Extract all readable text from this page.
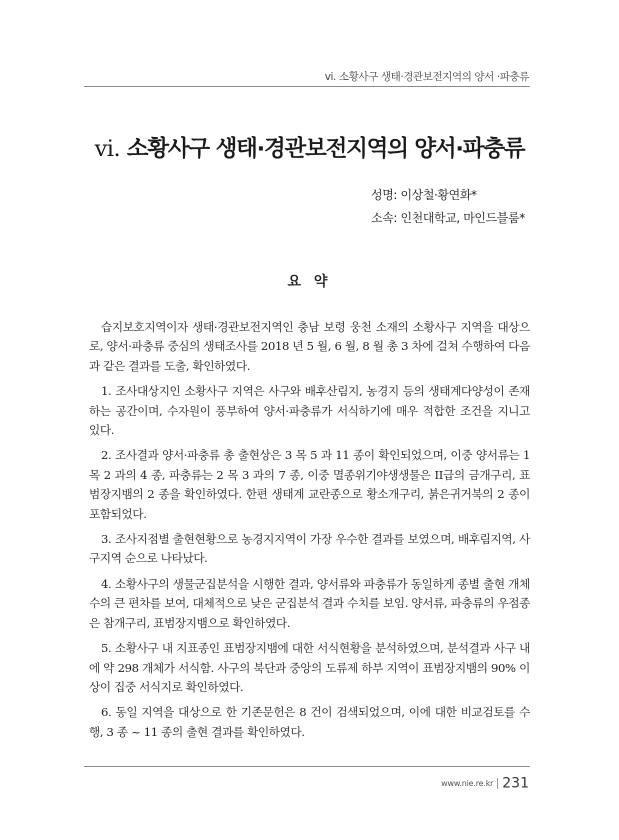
vi. 소황사구 생태·경관보전지역의 양서 ·파충류
vi. 소황사구 생태·경관보전지역의 양서·파충류
성명: 이상철·황연화*
소속: 인천대학교, 마인드블룸*
요 약

습지보호지역이자 생태·경관보전지역인 충남 보령 웅천 소재의 소황사구 지역을 대상으로, 양서·파충류 중심의 생태조사를 2018 년 5 월, 6 월, 8 월 총 3 차에 걸쳐 수행하여 다음과 같은 결과를 도출, 확인하였다.

1. 조사대상지인 소황사구 지역은 사구와 배후산림지, 농경지 등의 생태계다양성이 존재하는 공간이며, 수자원이 풍부하여 양서·파충류가 서식하기에 매우 적합한 조건을 지니고 있다.

2. 조사결과 양서·파충류 총 출현상은 3 목 5 과 11 종이 확인되었으며, 이중 양서류는 1 목 2 과의 4 종, 파충류는 2 목 3 과의 7 종, 이중 멸종위기야생생물은 II급의 금개구리, 표범장지뱀의 2 종을 확인하였다. 한편 생태계 교란종으로 황소개구리, 붉은귀거북의 2 종이 포함되었다.

3. 조사지점별 출현현황으로 농경지지역이 가장 우수한 결과를 보였으며, 배후림지역, 사구지역 순으로 나타났다.

4. 소황사구의 생물군집분석을 시행한 결과, 양서류와 파충류가 동일하게 종별 출현 개체 수의 큰 편차를 보여, 대체적으로 낮은 군집분석 결과 수치를 보임. 양서류, 파충류의 우점종은 참개구리, 표범장지뱀으로 확인하였다.

5. 소황사구 내 지표종인 표범장지뱀에 대한 서식현황을 분석하였으며, 분석결과 사구 내에 약 298 개체가 서식함. 사구의 북단과 중앙의 도류제 하부 지역이 표범장지뱀의 90% 이상이 집중 서식지로 확인하였다.

6. 동일 지역을 대상으로 한 기존문헌은 8 건이 검색되었으며, 이에 대한 비교검토를 수행, 3 종 ~ 11 종의 출현 결과를 확인하였다.

www.nie.re.kr 231
